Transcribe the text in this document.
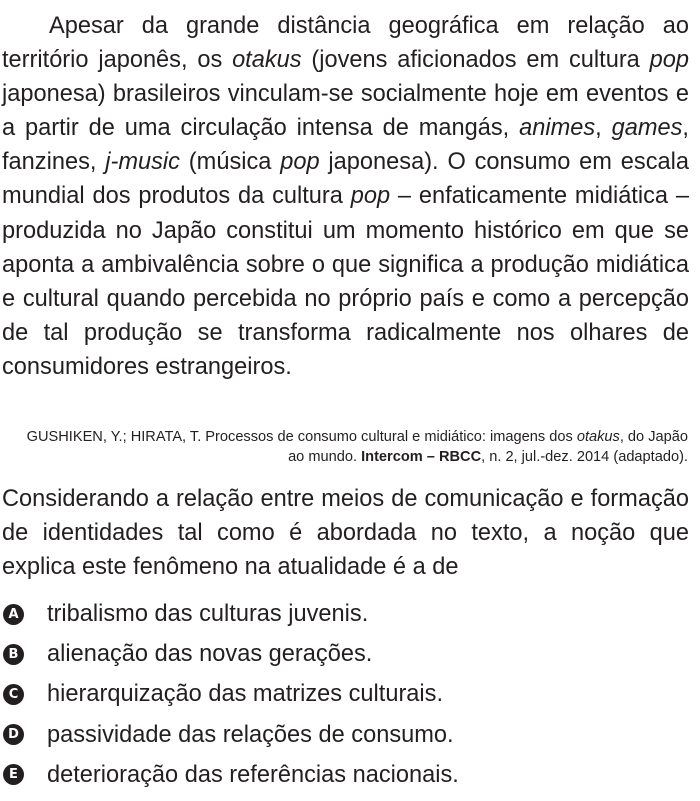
Apesar da grande distância geográfica em relação ao território japonês, os otakus (jovens aficionados em cultura pop japonesa) brasileiros vinculam-se socialmente hoje em eventos e a partir de uma circulação intensa de mangás, animes, games, fanzines, j-music (música pop japonesa). O consumo em escala mundial dos produtos da cultura pop – enfaticamente midiática – produzida no Japão constitui um momento histórico em que se aponta a ambivalência sobre o que significa a produção midiática e cultural quando percebida no próprio país e como a percepção de tal produção se transforma radicalmente nos olhares de consumidores estrangeiros.

GUSHIKEN, Y.; HIRATA, T. Processos de consumo cultural e midiático: imagens dos otakus, do Japão ao mundo. Intercom – RBCC, n. 2, jul.-dez. 2014 (adaptado).

Considerando a relação entre meios de comunicação e formação de identidades tal como é abordada no texto, a noção que explica este fenômeno na atualidade é a de

A tribalismo das culturas juvenis.
B alienação das novas gerações.
C hierarquização das matrizes culturais.
D passividade das relações de consumo.
E deterioração das referências nacionais.
